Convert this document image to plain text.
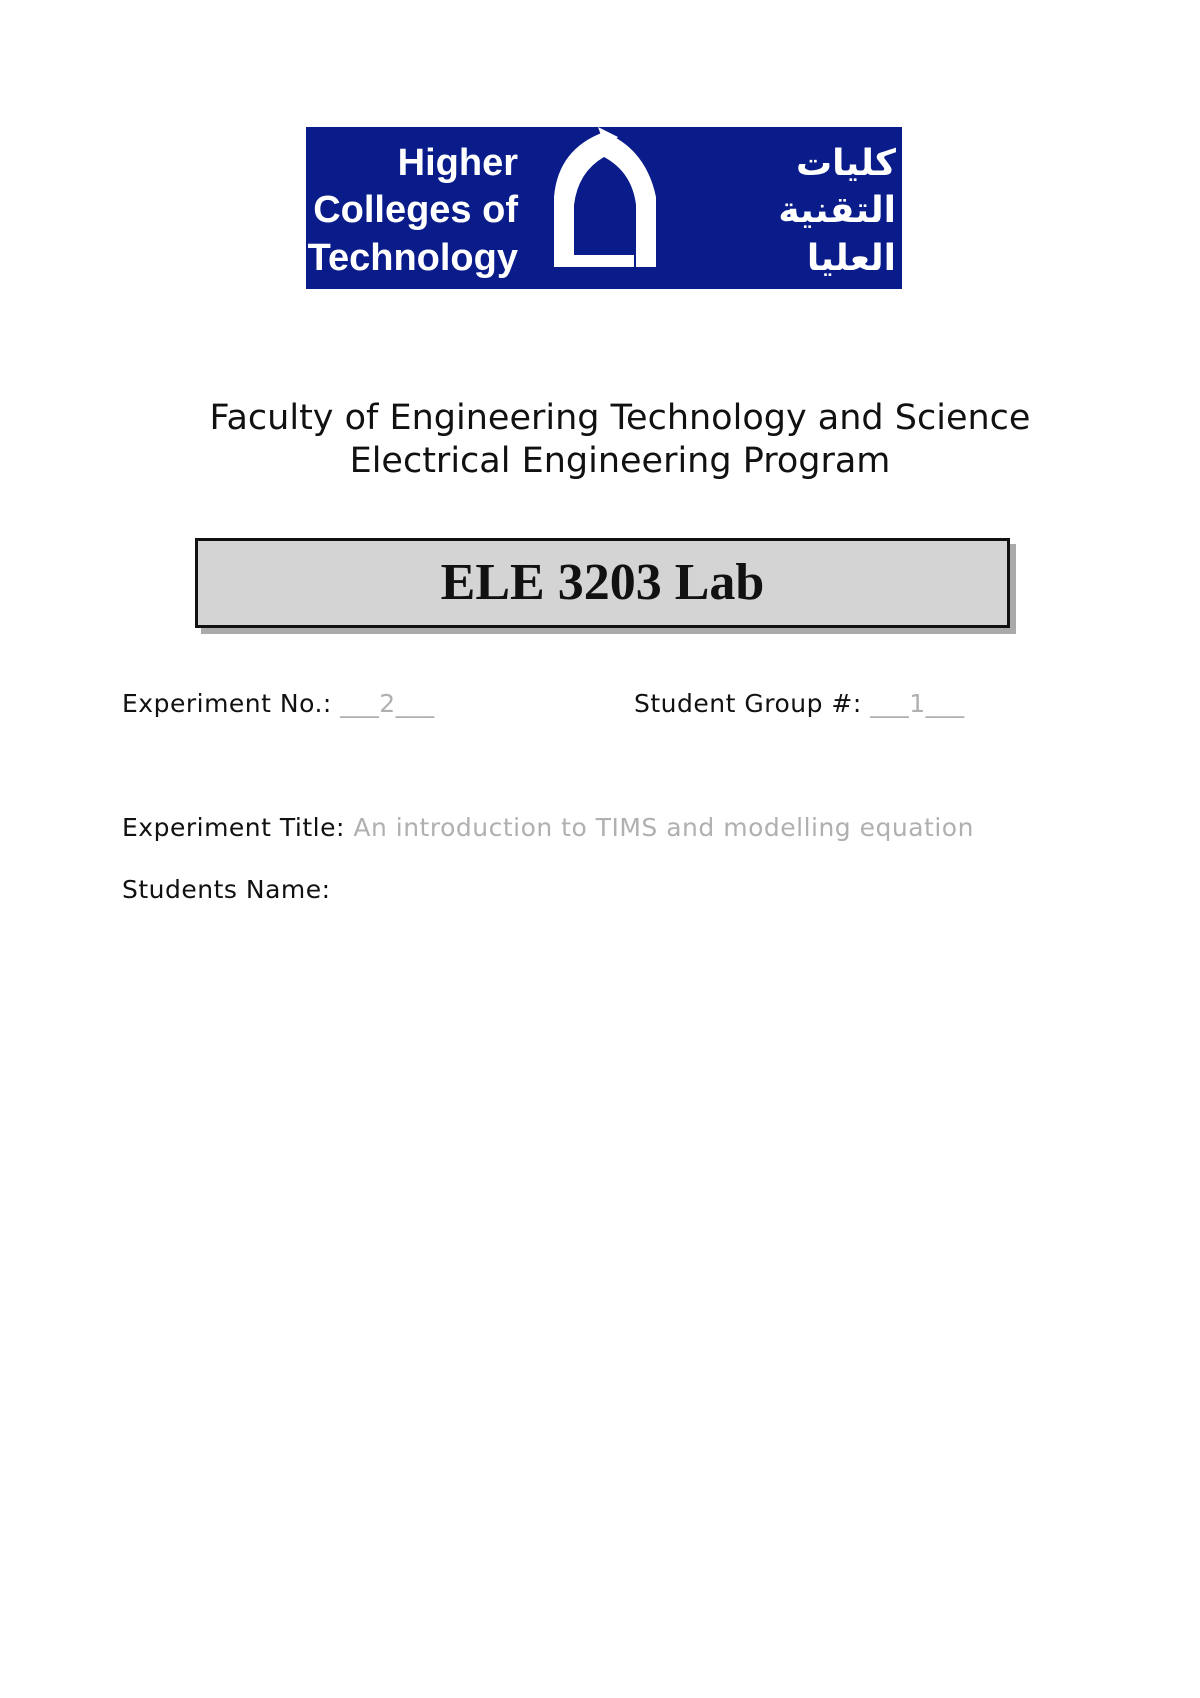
Higher
Colleges of
Technology
كليات
التقنية
العليا
Faculty of Engineering Technology and Science
Electrical Engineering Program
ELE 3203 Lab
Experiment No.: ___2___	Student Group #: ___1___
Experiment Title: An introduction to TIMS and modelling equation
Students Name:
